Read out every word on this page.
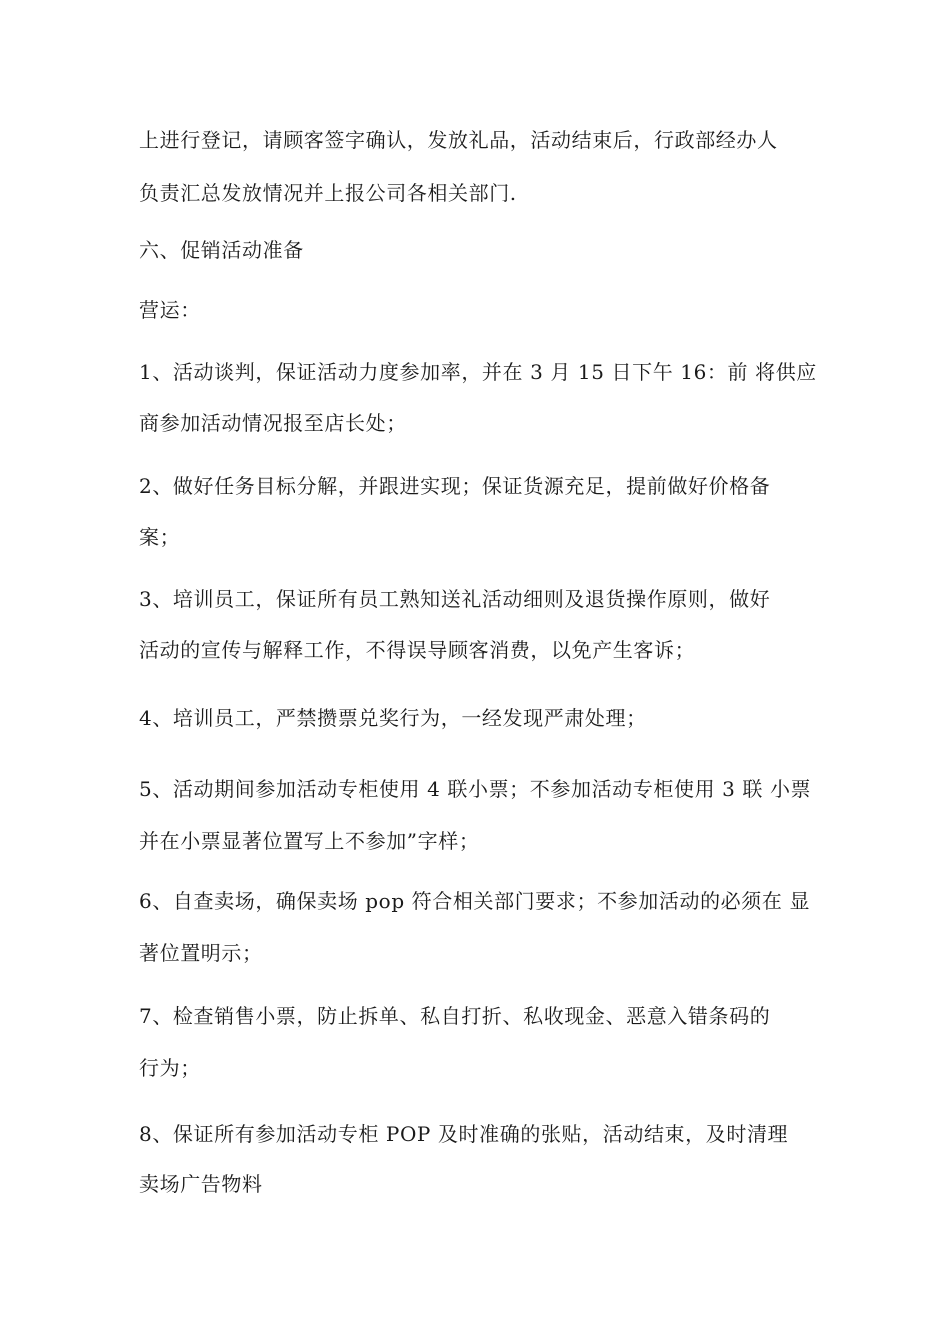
上进行登记，请顾客签字确认，发放礼品，活动结束后，行政部经办人
负责汇总发放情况并上报公司各相关部门.
六、促销活动准备
营运：
1、活动谈判，保证活动力度参加率，并在 3 月 15 日下午 16：前 将供应
商参加活动情况报至店长处；
2、做好任务目标分解，并跟进实现；保证货源充足，提前做好价格备
案；
3、培训员工，保证所有员工熟知送礼活动细则及退货操作原则，做好
活动的宣传与解释工作，不得误导顾客消费，以免产生客诉；
4、培训员工，严禁攒票兑奖行为，一经发现严肃处理；
5、活动期间参加活动专柜使用 4 联小票；不参加活动专柜使用 3 联 小票
并在小票显著位置写上不参加”字样；
6、自查卖场，确保卖场 pop 符合相关部门要求；不参加活动的必须在 显
著位置明示；
7、检查销售小票，防止拆单、私自打折、私收现金、恶意入错条码的
行为；
8、保证所有参加活动专柜 POP 及时准确的张贴，活动结束，及时清理
卖场广告物料
